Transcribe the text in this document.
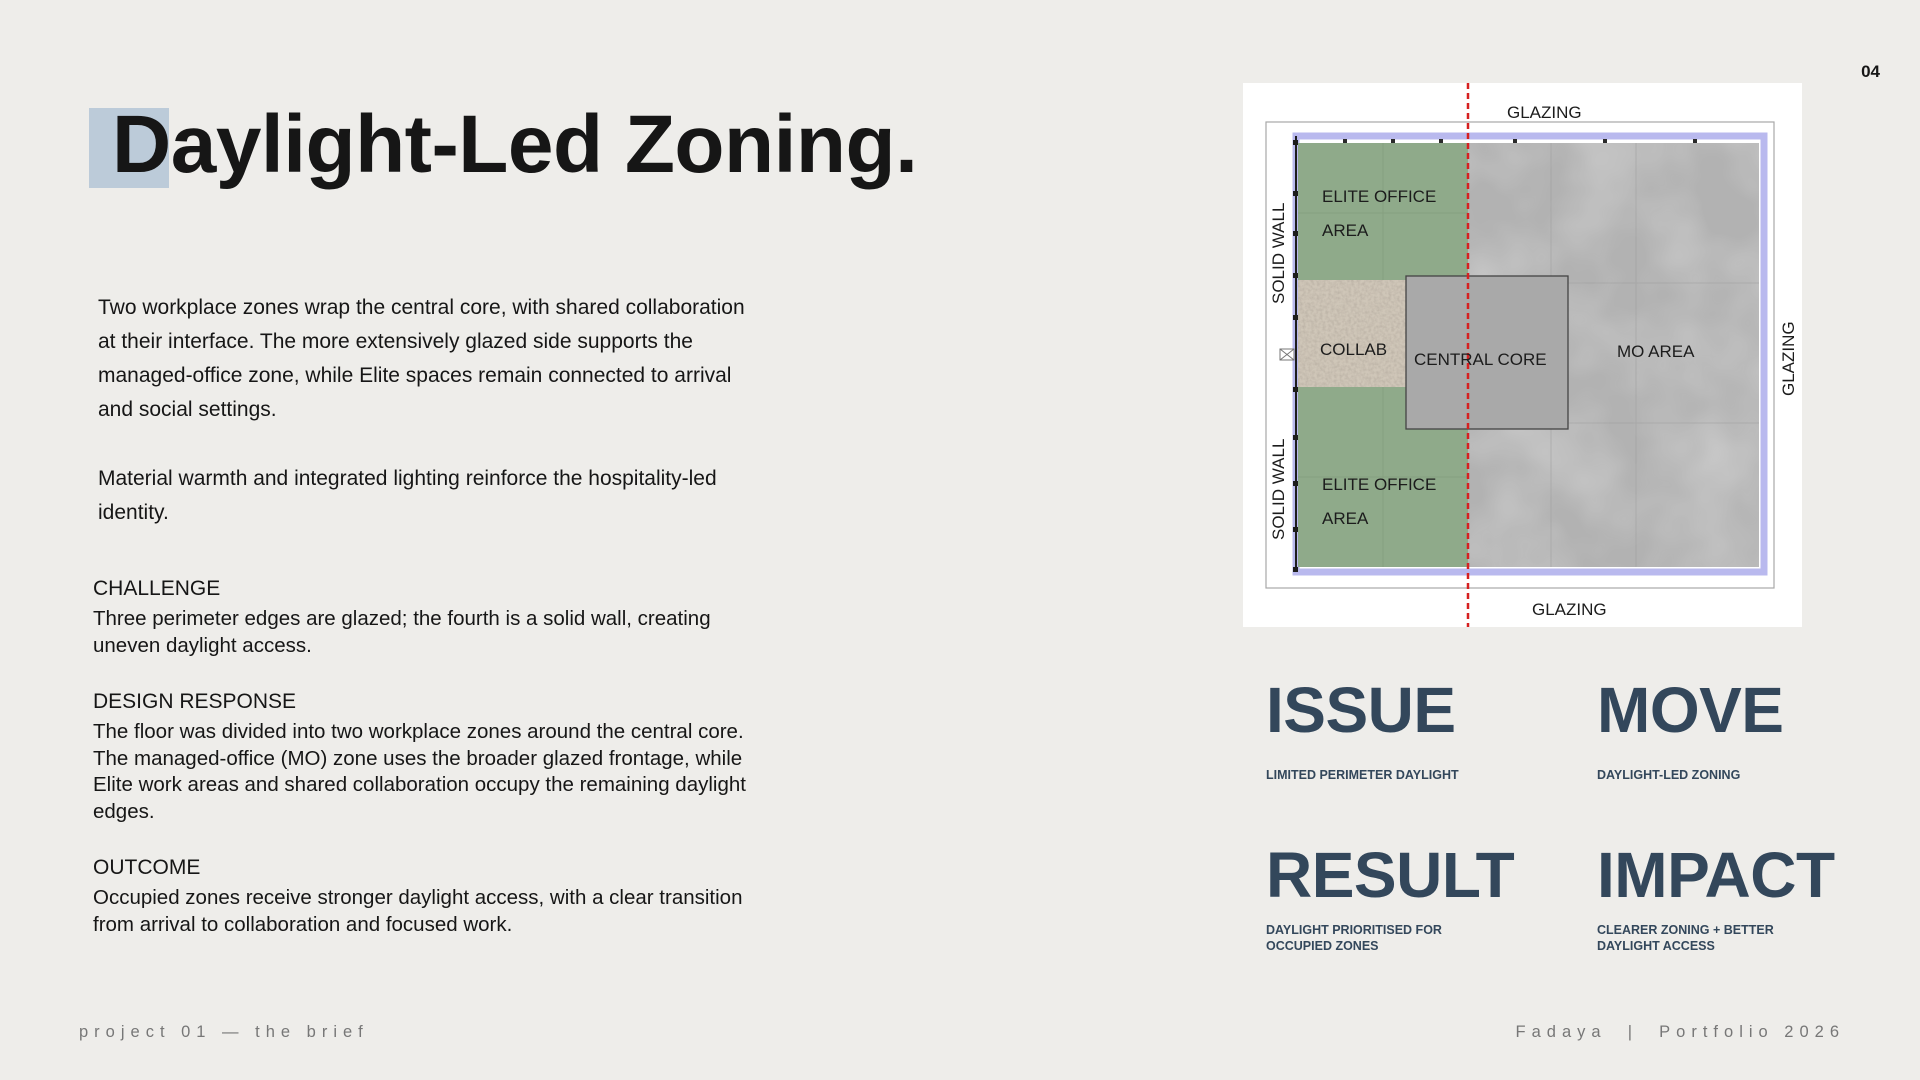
04
Daylight-Led Zoning.

Two workplace zones wrap the central core, with shared collaboration at their interface. The more extensively glazed side supports the managed-office zone, while Elite spaces remain connected to arrival and social settings.

Material warmth and integrated lighting reinforce the hospitality-led identity.

CHALLENGE

Three perimeter edges are glazed; the fourth is a solid wall, creating uneven daylight access.

DESIGN RESPONSE

The floor was divided into two workplace zones around the central core. The managed-office (MO) zone uses the broader glazed frontage, while Elite work areas and shared collaboration occupy the remaining daylight edges.

OUTCOME

Occupied zones receive stronger daylight access, with a clear transition from arrival to collaboration and focused work.

GLAZING
GLAZING
GLAZING
SOLID WALL
SOLID WALL
ELITE OFFICE
AREA
COLLAB
CENTRAL CORE	MO AREA
ELITE OFFICE
AREA

ISSUE

LIMITED PERIMETER DAYLIGHT

MOVE

DAYLIGHT-LED ZONING

RESULT

DAYLIGHT PRIORITISED FOR
OCCUPIED ZONES

IMPACT

CLEARER ZONING + BETTER
DAYLIGHT ACCESS

project 01 — the brief	Fadaya  |  Portfolio 2026
